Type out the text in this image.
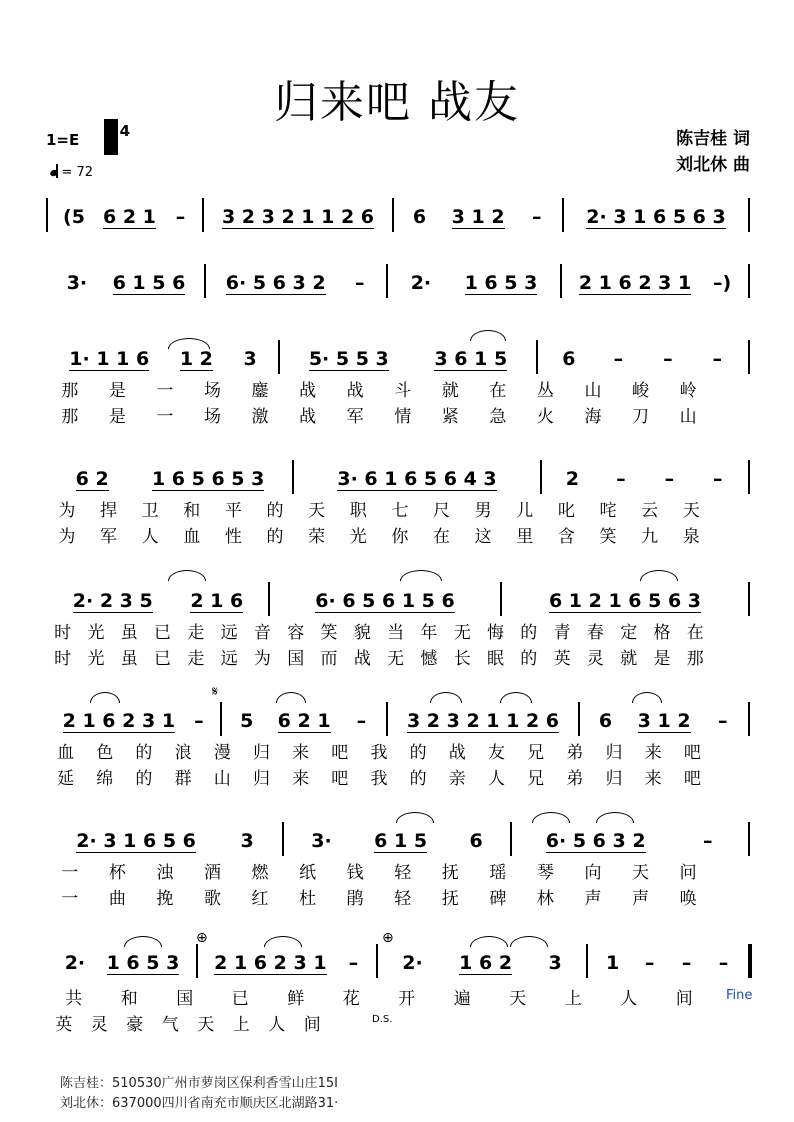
归来吧 战友
陈吉桂 词
刘北休 曲
1=E	4
= 72
(5 6 2 1 – 3 2 3 2 1 1 2 6 6 3 1 2 – 2· 3 1 6 5 6 3
3· 6 1 5 6 6· 5 6 3 2 – 2· 1 6 5 3 2 1 6 2 3 1 –)
1· 1 1 6 1 2 3	5· 5 5 3 3 6 1 5	6 – – –
那 是 一 场 鏖 战 战 斗 就 在 丛 山 峻 岭
那 是 一 场 激 战 军 情 紧 急 火 海 刀 山
6 2 1 6 5 6 5 3	3· 6 1 6 5 6 4 3	2 – – –
为 捍 卫 和 平 的 天 职 七 尺 男 儿 叱 咤 云 天
为 军 人 血 性 的 荣 光 你 在 这 里 含 笑 九 泉
2· 2 3 5 2 1 6	6· 6 5 6 1 5 6	6 1 2 1 6 5 6 3
时 光 虽 已 走 远 音 容 笑 貌 当 年 无 悔 的 青 春 定 格 在
时 光 虽 已 走 远 为 国 而 战 无 憾 长 眠 的 英 灵 就 是 那
2 1 6 2 3 1 – 5 6 2 1 – 3 2 3 2 1 1 2 6 6 3 1 2 –
血 色 的 浪 漫 归 来 吧 我 的 战 友 兄 弟 归 来 吧
延 绵 的 群 山 归 来 吧 我 的 亲 人 兄 弟 归 来 吧
2· 3 1 6 5 6 3	3· 6 1 5 6	6· 5 6 3 2	–
一 杯 浊 酒 燃 纸 钱 轻 抚 瑶 琴 向 天 问
一 曲 挽 歌 红 杜 鹃 轻 抚 碑 林 声 声 唤
2· 1 6 5 3 2 1 6 2 3 1 – 2· 1 6 2 3 1 – – –
共 和 国 已 鲜 花 开 遍 天 上 人 间
英 灵 豪 气 天 上 人 间
𝄋
⊕	⊕
Fine
D.S.
陈吉桂：510530广州市萝岗区保利香雪山庄15I
刘北休：637000四川省南充市顺庆区北湖路31·
